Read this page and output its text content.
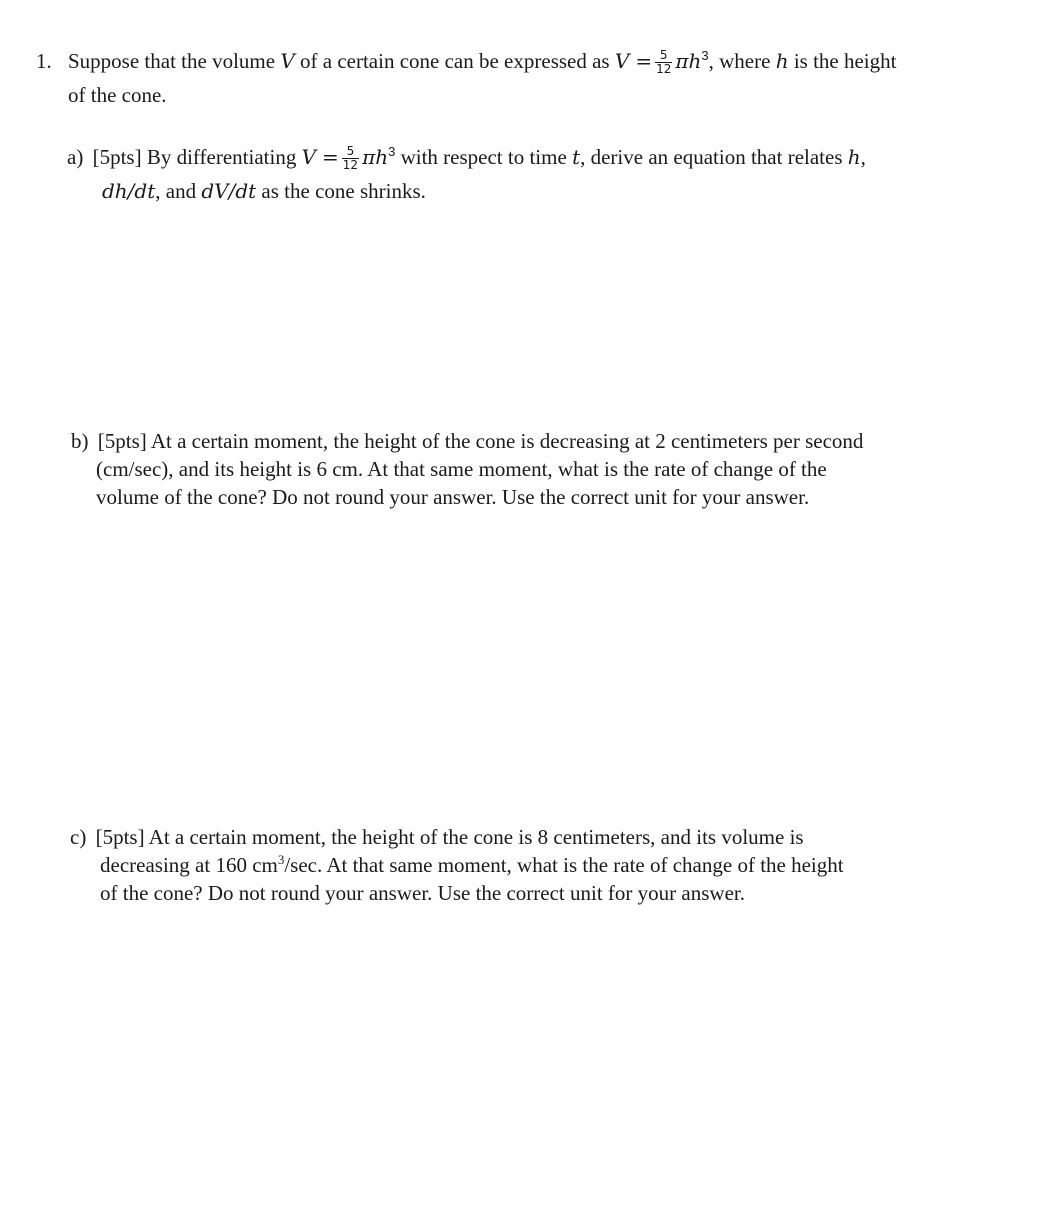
1. Suppose that the volume V of a certain cone can be expressed as $V = \frac{5}{12} \pi h^3$, where h is the height
of the cone.
a) [5pts] By differentiating $V = \frac{5}{12} \pi h^3$ with respect to time t, derive an equation that relates h,
dh/dt, and dV/dt as the cone shrinks.
b) [5pts] At a certain moment, the height of the cone is decreasing at 2 centimeters per second
(cm/sec), and its height is 6 cm. At that same moment, what is the rate of change of the
volume of the cone? Do not round your answer. Use the correct unit for your answer.
c) [5pts] At a certain moment, the height of the cone is 8 centimeters, and its volume is
decreasing at 160 $cm^3/\sec$. At that same moment, what is the rate of change of the height
of the cone? Do not round your answer. Use the correct unit for your answer.
